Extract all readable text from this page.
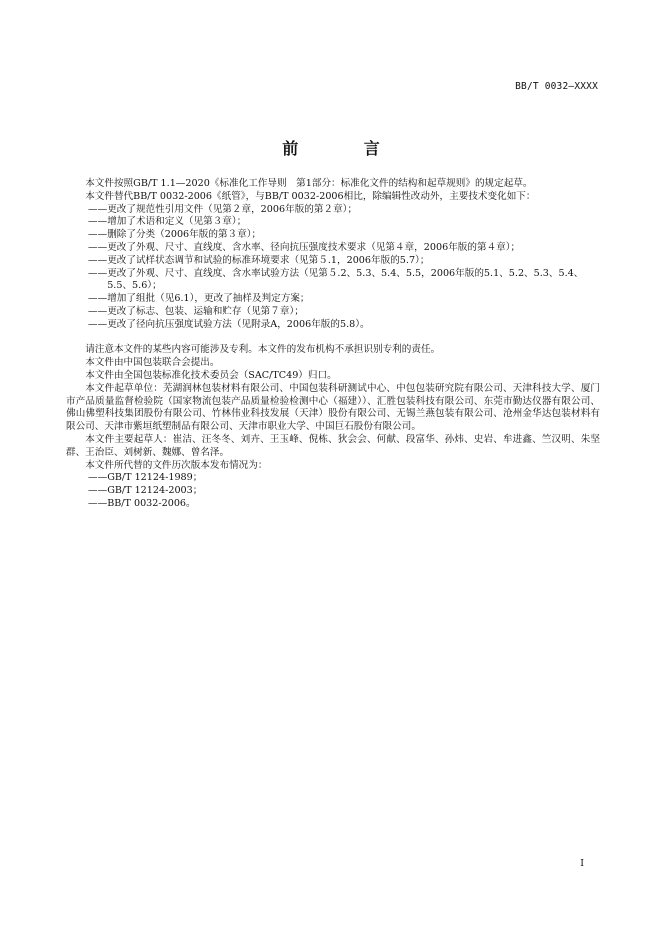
BB/T 0032—XXXX
前 言

本文件按照GB/T 1.1—2020《标准化工作导则　第1部分：标准化文件的结构和起草规则》的规定起草。

本文件替代BB/T 0032-2006《纸管》，与BB/T 0032-2006相比，除编辑性改动外，主要技术变化如下：

—— 更改了规范性引用文件（见第２章，2006年版的第２章）；
—— 增加了术语和定义（见第３章）；
—— 删除了分类（2006年版的第３章）；
—— 更改了外观、尺寸、直线度、含水率、径向抗压强度技术要求（见第４章，2006年版的第４章）；
—— 更改了试样状态调节和试验的标准环境要求（见第５.1，2006年版的5.7）；
—— 更改了外观、尺寸、直线度、含水率试验方法（见第５.2、5.3、5.4、5.5，2006年版的5.1、5.2、5.3、5.4、5.5、5.6）；
—— 增加了组批（见6.1），更改了抽样及判定方案；
—— 更改了标志、包装、运输和贮存（见第７章）；
—— 更改了径向抗压强度试验方法（见附录A，2006年版的5.8）。

请注意本文件的某些内容可能涉及专利。本文件的发布机构不承担识别专利的责任。

本文件由中国包装联合会提出。

本文件由全国包装标准化技术委员会（SAC/TC49）归口。

本文件起草单位：芜湖润林包装材料有限公司、中国包装科研测试中心、中包包装研究院有限公司、天津科技大学、厦门市产品质量监督检验院（国家物流包装产品质量检验检测中心（福建））、汇胜包装科技有限公司、东莞市勤达仪器有限公司、佛山佛塑科技集团股份有限公司、竹林伟业科技发展（天津）股份有限公司、无锡兰燕包装有限公司、沧州金华达包装材料有限公司、天津市紫垣纸塑制品有限公司、天津市职业大学、中国巨石股份有限公司。

本文件主要起草人：崔洁、汪冬冬、刘卉、王玉峰、倪栋、狄会会、何献、段富华、孙炜、史岩、牟进鑫、竺汉明、朱坚群、王治臣、刘树新、魏娜、曾名泽。

本文件所代替的文件历次版本发布情况为：

—— GB/T 12124-1989；
—— GB/T 12124-2003；
—— BB/T 0032-2006。
I
